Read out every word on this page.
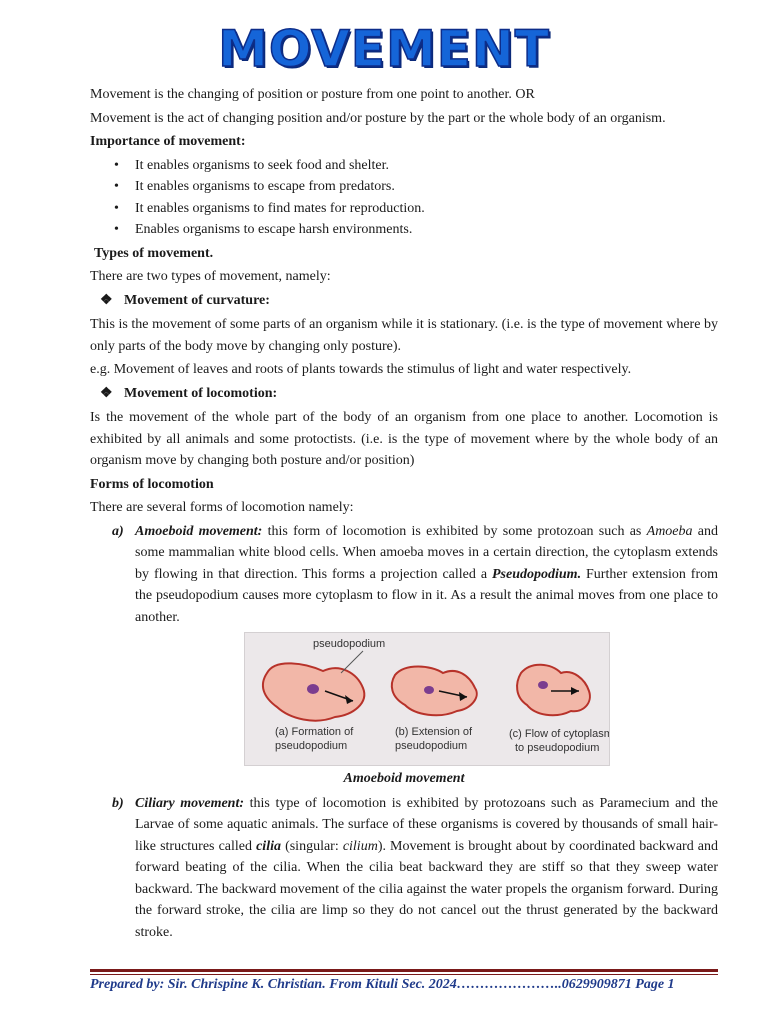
MOVEMENT

Movement is the changing of position or posture from one point to another. OR

Movement is the act of changing position and/or posture by the part or the whole body of an organism.

Importance of movement:
• It enables organisms to seek food and shelter.
• It enables organisms to escape from predators.
• It enables organisms to find mates for reproduction.
• Enables organisms to escape harsh environments.
Types of movement.

There are two types of movement, namely:

❖ Movement of curvature:

This is the movement of some parts of an organism while it is stationary. (i.e. is the type of movement where by only parts of the body move by changing only posture).

e.g. Movement of leaves and roots of plants towards the stimulus of light and water respectively.

❖ Movement of locomotion:

Is the movement of the whole part of the body of an organism from one place to another. Locomotion is exhibited by all animals and some protoctists. (i.e. is the type of movement where by the whole body of an organism move by changing both posture and/or position)

Forms of locomotion

There are several forms of locomotion namely:

a) Amoeboid movement: this form of locomotion is exhibited by some protozoan such as Amoeba and some mammalian white blood cells. When amoeba moves in a certain direction, the cytoplasm extends by flowing in that direction. This forms a projection called a Pseudopodium. Further extension from the pseudopodium causes more cytoplasm to flow in it. As a result the animal moves from one place to another.

pseudopodium
(a) Formation of
pseudopodium
(b) Extension of
pseudopodium
(c) Flow of cytoplasm
to pseudopodium
Amoeboid movement

b) Ciliary movement: this type of locomotion is exhibited by protozoans such as Paramecium and the Larvae of some aquatic animals. The surface of these organisms is covered by thousands of small hair-like structures called cilia (singular: cilium). Movement is brought about by coordinated backward and forward beating of the cilia. When the cilia beat backward they are stiff so that they sweep water backward. The backward movement of the cilia against the water propels the organism forward. During the forward stroke, the cilia are limp so they do not cancel out the thrust generated by the backward stroke.

Prepared by: Sir. Chrispine K. Christian. From Kituli Sec. 2024…………………..0629909871 Page 1
